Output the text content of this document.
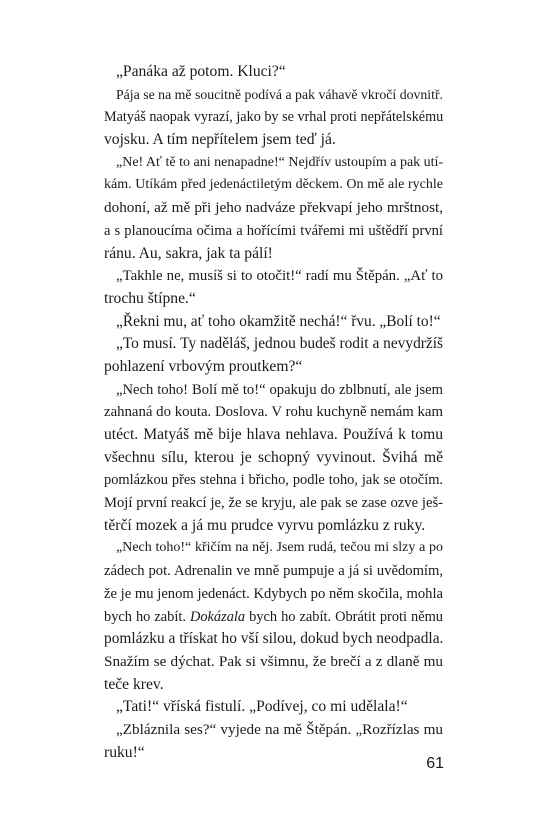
„Panáka až potom. Kluci?“
Pája se na mě soucitně podívá a pak váhavě vkročí dovnitř.
Matyáš naopak vyrazí, jako by se vrhal proti nepřátelskému
vojsku. A tím nepřítelem jsem teď já.
„Ne! Ať tě to ani nenapadne!“ Nejdřív ustoupím a pak utí-
kám. Utíkám před jedenáctiletým děckem. On mě ale rychle
dohoní, až mě při jeho nadváze překvapí jeho mrštnost,
a s planoucíma očima a hořícími tvářemi mi uštědří první
ránu. Au, sakra, jak ta pálí!
„Takhle ne, musíš si to otočit!“ radí mu Štěpán. „Ať to
trochu štípne.“
„Řekni mu, ať toho okamžitě nechá!“ řvu. „Bolí to!“
„To musí. Ty naděláš, jednou budeš rodit a nevydržíš
pohlazení vrbovým proutkem?“
„Nech toho! Bolí mě to!“ opakuju do zblbnutí, ale jsem
zahnaná do kouta. Doslova. V rohu kuchyně nemám kam
utéct. Matyáš mě bije hlava nehlava. Používá k tomu
všechnu sílu, kterou je schopný vyvinout. Švihá mě
pomlázkou přes stehna i břicho, podle toho, jak se otočím.
Mojí první reakcí je, že se kryju, ale pak se zase ozve ješ-
těrčí mozek a já mu prudce vyrvu pomlázku z ruky.
„Nech toho!“ křičím na něj. Jsem rudá, tečou mi slzy a po
zádech pot. Adrenalin ve mně pumpuje a já si uvědomím,
že je mu jenom jedenáct. Kdybych po něm skočila, mohla
bych ho zabít. Dokázala bych ho zabít. Obrátit proti němu
pomlázku a třískat ho vší silou, dokud bych neodpadla.
Snažím se dýchat. Pak si všimnu, že brečí a z dlaně mu
teče krev.
„Tati!“ vříská fistulí. „Podívej, co mi udělala!“
„Zbláznila ses?“ vyjede na mě Štěpán. „Rozřízlas mu
ruku!“
61
